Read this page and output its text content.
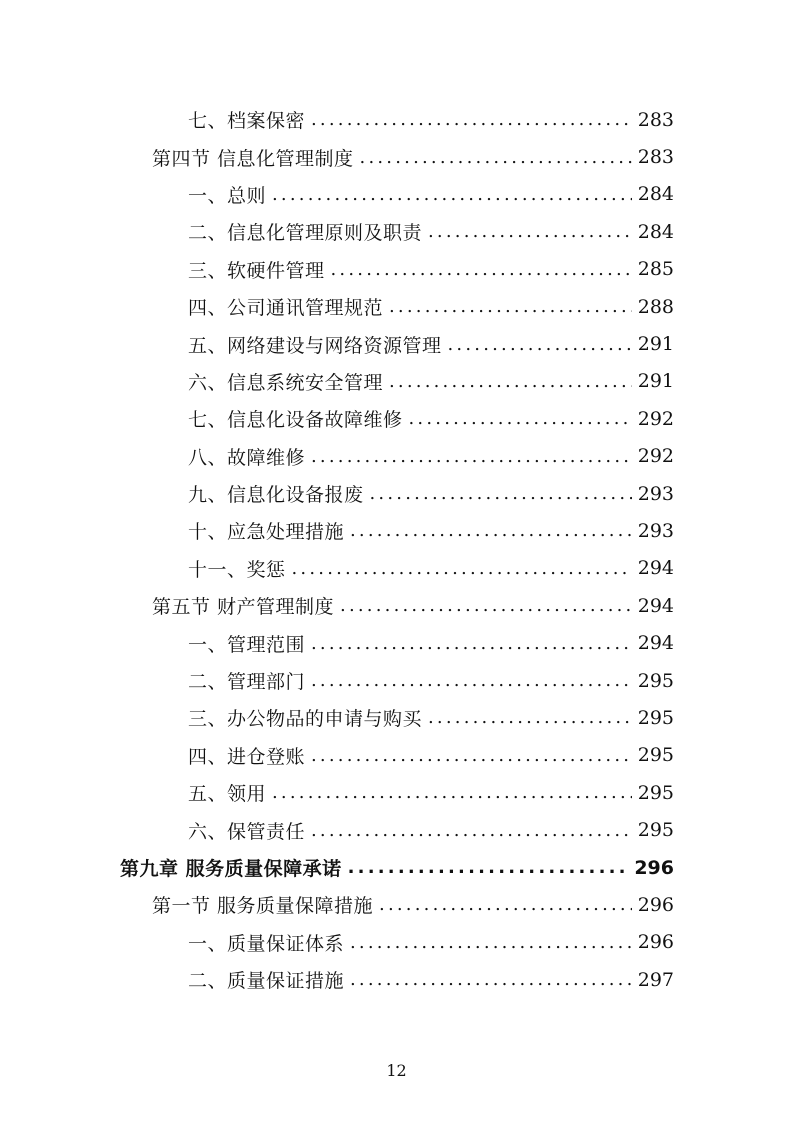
七、档案保密 .....	283
第四节 信息化管理制度 .....	283
一、总则 .....	284
二、信息化管理原则及职责 .....	284
三、软硬件管理 .....	285
四、公司通讯管理规范 .....	288
五、网络建设与网络资源管理 .....	291
六、信息系统安全管理 .....	291
七、信息化设备故障维修 .....	292
八、故障维修 .....	292
九、信息化设备报废 .....	293
十、应急处理措施 .....	293
十一、奖惩 .....	294
第五节 财产管理制度 .....	294
一、管理范围 .....	294
二、管理部门 .....	295
三、办公物品的申请与购买 .....	295
四、进仓登账 .....	295
五、领用 .....	295
六、保管责任 .....	295
第九章 服务质量保障承诺 .....	296
第一节 服务质量保障措施 .....	296
一、质量保证体系 .....	296
二、质量保证措施 .....	297
12
